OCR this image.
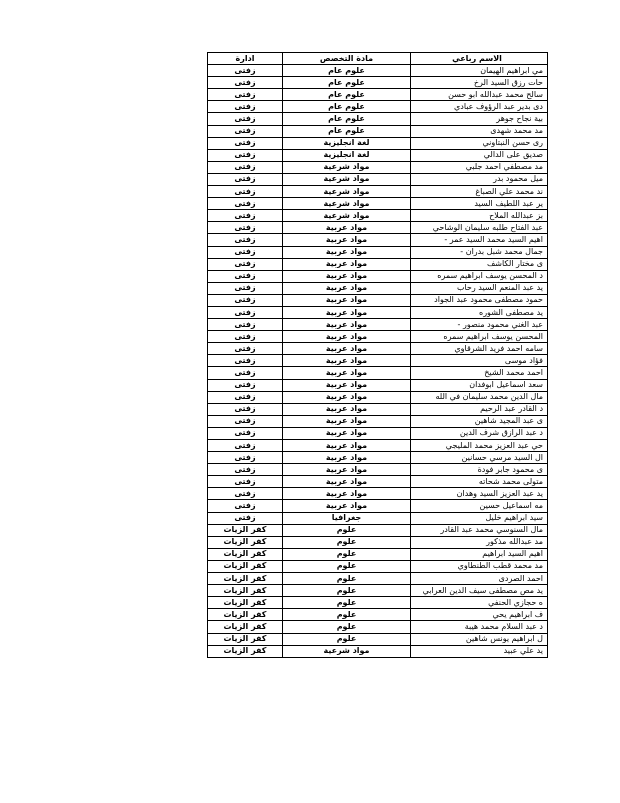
ادارة	مادة التخصص	الاسم رباعي
زفتى	علوم عام	مي ابراهيم الهيمان
زفتى	علوم عام	حات رزق السيد الرخ
زفتى	علوم عام	سالح محمد عبدالله ابو حسن
زفتى	علوم عام	دى بدير عبد الرؤوف عبادي
زفتى	علوم عام	بية نجاح جوهر
زفتى	علوم عام	مد محمد شهدى
زفتى	لغة انجليزية	رى حسن النبتاوني
زفتى	لغة انجليزية	صديق على الدالي
زفتى	مواد شرعية	مد مصطفي احمد جلبي
زفتى	مواد شرعية	ميل محمود بدر
زفتى	مواد شرعية	ند محمد علي الصباغ
زفتى	مواد شرعية	ير عبد اللطيف السيد
زفتى	مواد شرعية	بز عبدالله الملاح
زفتى	مواد عربية	عبد الفتاح طلبه سليمان الوشاحي
زفتى	مواد عربية	اهيم السيد محمد السيد عمر -
زفتى	مواد عربية	جمال محمد شبل بدران -
زفتى	مواد عربية	ى مختار الكاشف
زفتى	مواد عربية	د المحسن يوسف ابراهيم سمره
زفتى	مواد عربية	يد عبد المنعم السيد رحاب
زفتى	مواد عربية	حمود مصطفى محمود عبد الجواد
زفتى	مواد عربية	يد مصطفى الشوره
زفتى	مواد عربية	عبد الغني محمود منصور -
زفتى	مواد عربية	المحسن يوسف ابراهيم سمره
زفتى	مواد عربية	سامه احمد فريد الشرقاوي
زفتى	مواد عربية	فؤاد موسى
زفتى	مواد عربية	احمد محمد الشيخ
زفتى	مواد عربية	سعد اسماعيل ابوفدان
زفتى	مواد عربية	مال الدين محمد سليمان في الله
زفتى	مواد عربية	د القادر عبد الرحيم
زفتى	مواد عربية	ى عبد المجيد شاهين
زفتى	مواد عربية	د عبد الرازق شرف الدين
زفتى	مواد عربية	حي عبد العزيز محمد المليجي
زفتى	مواد عربية	ال السيد مرسي حسانين
زفتى	مواد عربية	ى محمود جابر فودة
زفتى	مواد عربية	متولى محمد شحاته
زفتى	مواد عربية	يد عبد العزيز السيد وهدان
زفتى	مواد عربية	مه اسماعيل حسين
زفتى	جغرافيا	سيد ابراهيم خليل
كفر الزيات	علوم	مال السنوسي محمد عبد القادر
كفر الزيات	علوم	مد عبدالله مذكور
كفر الزيات	علوم	اهيم السيد ابراهيم
كفر الزيات	علوم	مد محمد قطب الطنطاوي
كفر الزيات	علوم	احمد الصردى
كفر الزيات	علوم	يد مص مصطفى سيف الدين العرابي
كفر الزيات	علوم	ه حجازي الحنفي
كفر الزيات	علوم	ف ابراهيم يحي
كفر الزيات	علوم	د عبد السلام محمد هيبة
كفر الزيات	علوم	ل ابراهيم يونس شاهين
كفر الزيات	مواد شرعية	يد علي عبيد
